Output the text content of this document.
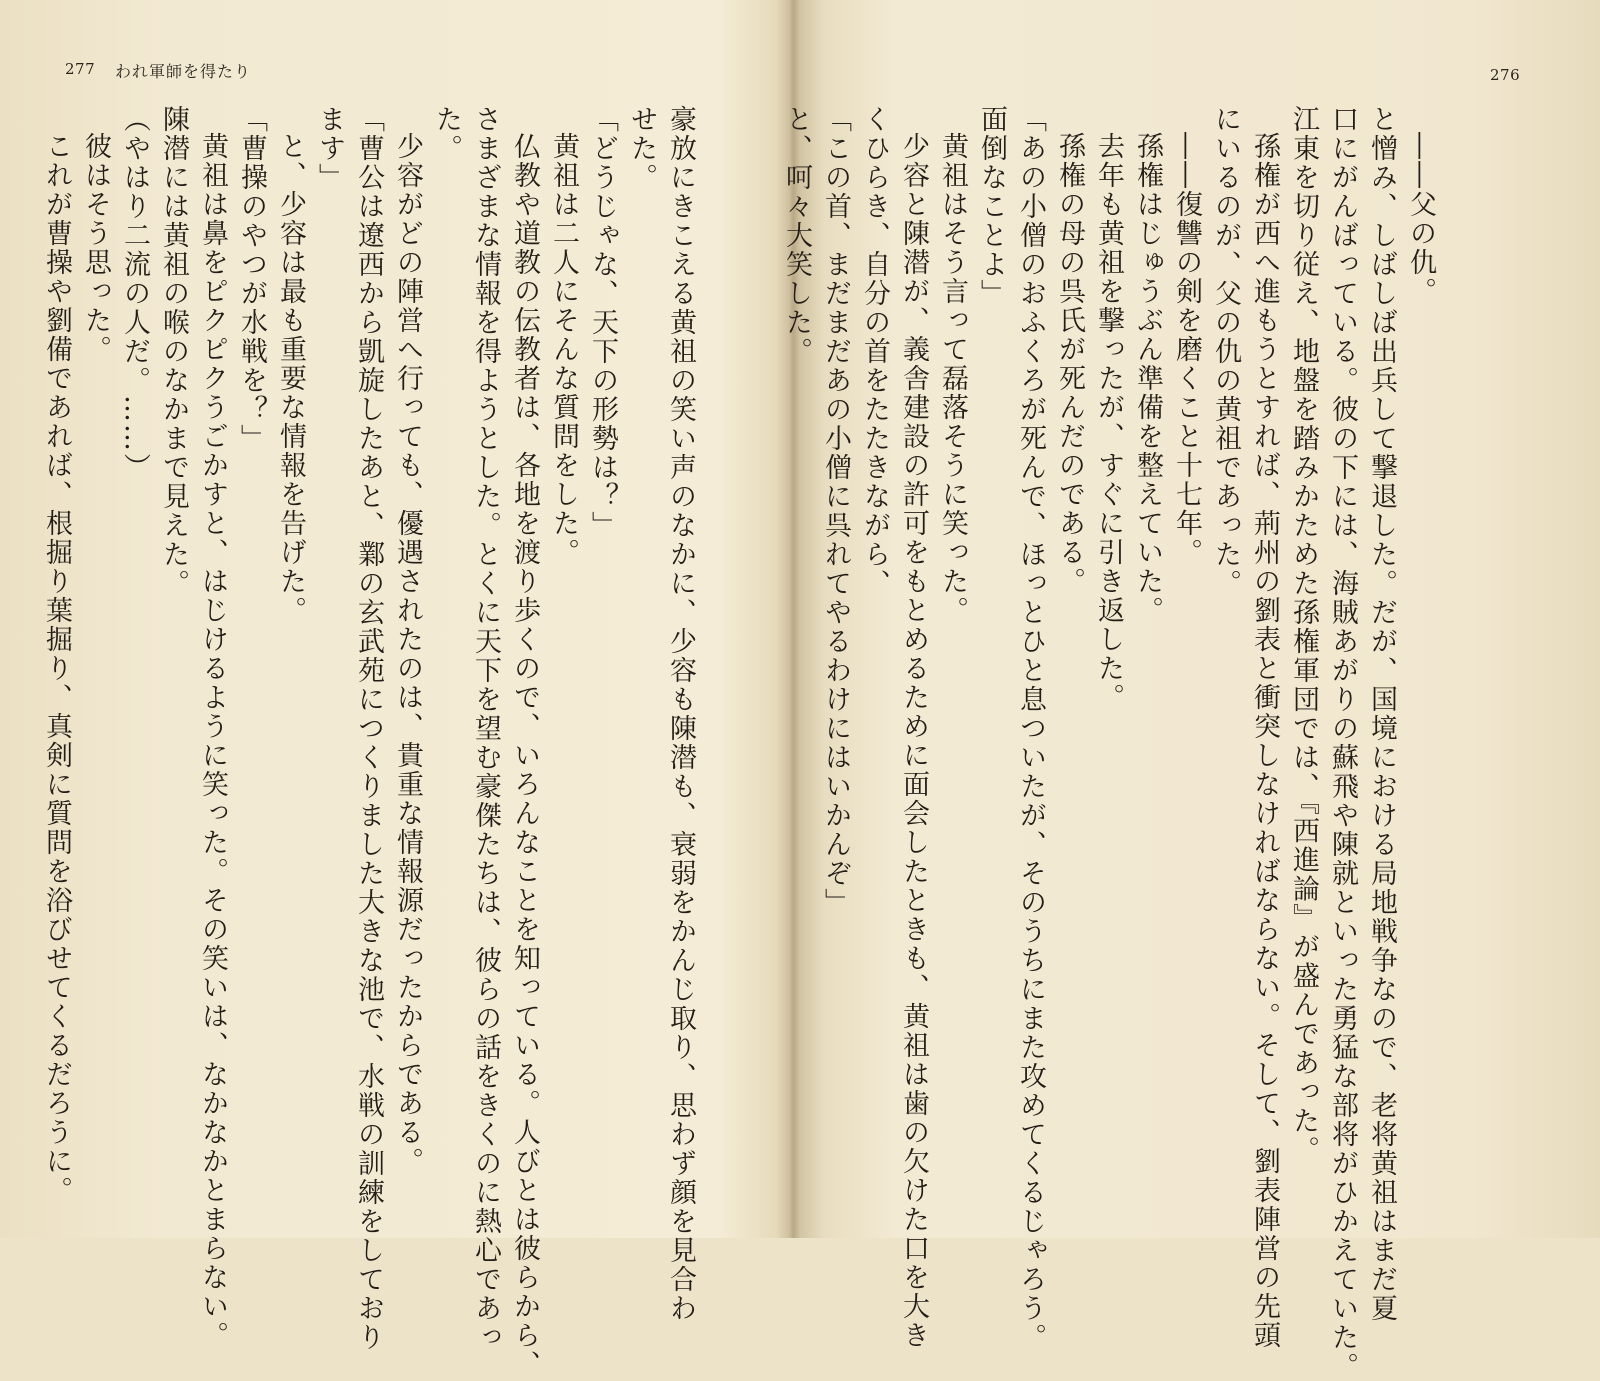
277 われ軍師を得たり
豪放にきこえる黄祖の笑い声のなかに、少容も陳潜も、衰弱をかんじ取り、思わず顔を見合わ
せた。
「どうじゃな、天下の形勢は？」
黄祖は二人にそんな質問をした。
仏教や道教の伝教者は、各地を渡り歩くので、いろんなことを知っている。人びとは彼らから、
さまざまな情報を得ようとした。とくに天下を望む豪傑たちは、彼らの話をきくのに熱心であっ
た。
少容がどの陣営へ行っても、優遇されたのは、貴重な情報源だったからである。
「曹公は遼西から凱旋したあと、鄴の玄武苑につくりました大きな池で、水戦の訓練をしており
ます」
と、少容は最も重要な情報を告げた。
「曹操のやつが水戦を？」
黄祖は鼻をピクピクうごかすと、はじけるように笑った。その笑いは、なかなかとまらない。
陳潜には黄祖の喉のなかまで見えた。
（やはり二流の人だ。……）
彼はそう思った。
これが曹操や劉備であれば、根掘り葉掘り、真剣に質問を浴びせてくるだろうに。
276
――父の仇。
と憎み、しばしば出兵して撃退した。だが、国境における局地戦争なので、老将黄祖はまだ夏
口にがんばっている。彼の下には、海賊あがりの蘇飛や陳就といった勇猛な部将がひかえていた。
江東を切り従え、地盤を踏みかためた孫権軍団では、『西進論』が盛んであった。
孫権が西へ進もうとすれば、荊州の劉表と衝突しなければならない。そして、劉表陣営の先頭
にいるのが、父の仇の黄祖であった。
――復讐の剣を磨くこと十七年。
孫権はじゅうぶん準備を整えていた。
去年も黄祖を撃ったが、すぐに引き返した。
孫権の母の呉氏が死んだのである。
「あの小僧のおふくろが死んで、ほっとひと息ついたが、そのうちにまた攻めてくるじゃろう。
面倒なことよ」
黄祖はそう言って磊落そうに笑った。
少容と陳潜が、義舎建設の許可をもとめるために面会したときも、黄祖は歯の欠けた口を大き
くひらき、自分の首をたたきながら、
「この首、まだまだあの小僧に呉れてやるわけにはいかんぞ」
と、呵々大笑した。
